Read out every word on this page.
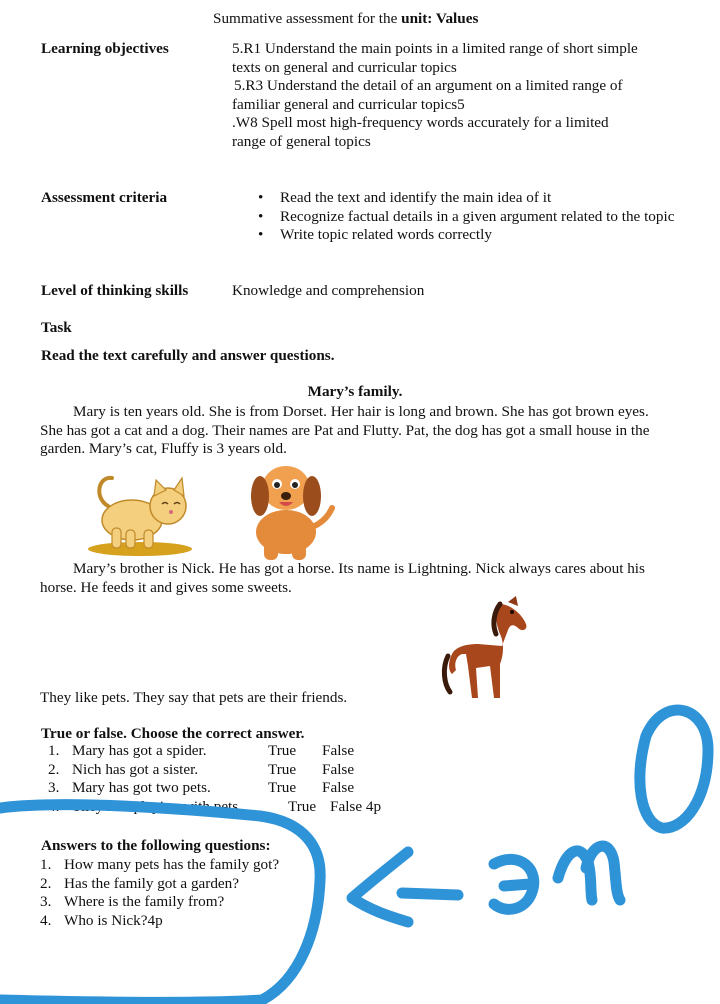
Summative assessment for the unit: Values
Learning objectives	5.R1 Understand the main points in a limited range of short simple
texts on general and curricular topics
5.R3 Understand the detail of an argument on a limited range of
familiar general and curricular topics5
.W8 Spell most high-frequency words accurately for a limited
range of general topics
Assessment criteria
•	Read the text and identify the main idea of it
• Recognize factual details in a given argument related to the topic
• Write topic related words correctly
Level of thinking skills	Knowledge and comprehension
Task
Read the text carefully and answer questions.
Mary’s family.
Mary is ten years old. She is from Dorset. Her hair is long and brown. She has got brown eyes. She has got a cat and a dog. Their names are Pat and Flutty. Pat, the dog has got a small house in the garden. Mary’s cat, Fluffy is 3 years old.
Mary’s brother is Nick. He has got a horse. Its name is Lightning. Nick always cares about his horse. He feeds it and gives some sweets.
They like pets. They say that pets are their friends.
True or false. Choose the correct answer.
1. Mary has got a spider.	True False
2. Nich has got a sister.	True False
3. Mary has got two pets.	True False
4. They like playing with pets.	True False 4p
Answers to the following questions:
1. How many pets has the family got?
2. Has the family got a garden?
3. Where is the family from?
4. Who is Nick?4p
